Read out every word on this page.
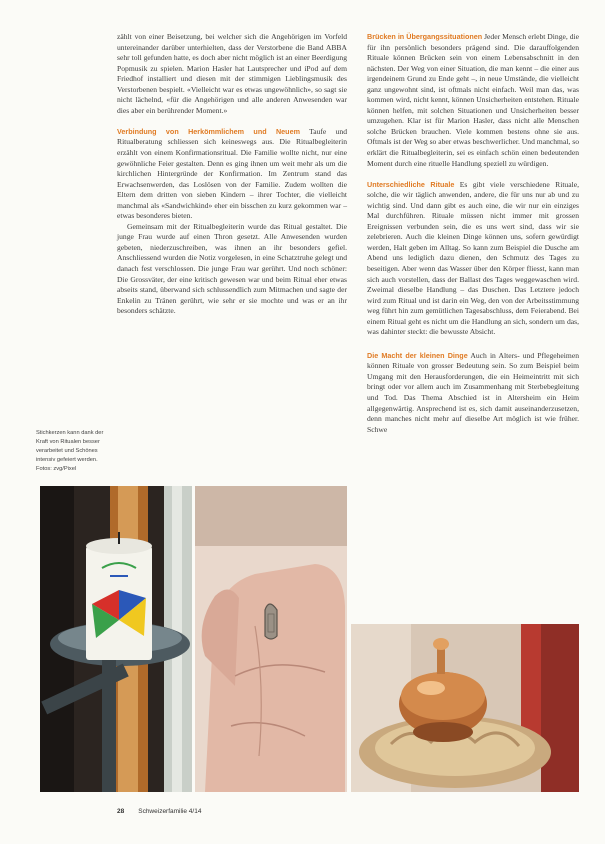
zählt von einer Beisetzung, bei welcher sich die Angehörigen im Vorfeld untereinander darüber unterhielten, dass der Verstorbene die Band ABBA sehr toll gefunden hatte, es doch aber nicht möglich ist an einer Beerdigung Popmusik zu spielen. Marion Hasler hat Lautsprecher und iPod auf dem Friedhof installiert und diesen mit der stimmigen Lieblingsmusik des Verstorbenen bespielt. «Vielleicht war es etwas ungewöhnlich», so sagt sie nicht lächelnd, «für die Angehörigen und alle anderen Anwesenden war dies aber ein berührender Moment.»

Verbindung von Herkömmlichem und Neuem Taufe und Ritualberatung schliessen sich keineswegs aus. Die Ritualbegleiterin erzählt von einem Konfirmationsritual. Die Familie wollte nicht, nur eine gewöhnliche Feier gestalten. Denn es ging ihnen um weit mehr als um die kirchlichen Hintergründe der Konfirmation. Im Zentrum stand das Erwachsenwerden, das Loslösen von der Familie. Zudem wollten die Eltern dem dritten von sieben Kindern – ihrer Tochter, die vielleicht manchmal als «Sandwichkind» eher ein bisschen zu kurz gekommen war – etwas besonderes bieten.

Gemeinsam mit der Ritualbegleiterin wurde das Ritual gestaltet. Die junge Frau wurde auf einen Thron gesetzt. Alle Anwesenden wurden gebeten, niederzuschreiben, was ihnen an ihr besonders gefiel. Anschliessend wurden die Notiz vorgelesen, in eine Schatztruhe gelegt und danach fest verschlossen. Die junge Frau war gerührt. Und noch schöner: Die Grossväter, der eine kritisch gewesen war und beim Ritual eher etwas abseits stand, überwand sich schlussendlich zum Mitmachen und sagte der Enkelin zu Tränen gerührt, wie sehr er sie mochte und was er an ihr besonders schätzte.

Brücken in Übergangssituationen Jeder Mensch erlebt Dinge, die für ihn persönlich besonders prägend sind. Die darauffolgenden Rituale können Brücken sein von einem Lebensabschnitt in den nächsten. Der Weg von einer Situation, die man kennt – die einer aus irgendeinem Grund zu Ende geht –, in neue Umstände, die vielleicht ganz ungewohnt sind, ist oftmals nicht einfach. Weil man das, was kommen wird, nicht kennt, können Unsicherheiten entstehen. Rituale können helfen, mit solchen Situationen und Unsicherheiten besser umzugehen. Klar ist für Marion Hasler, dass nicht alle Menschen solche Brücken brauchen. Viele kommen bestens ohne sie aus. Oftmals ist der Weg so aber etwas beschwerlicher. Und manchmal, so erklärt die Ritualbegleiterin, sei es einfach schön einen bedeutenden Moment durch eine rituelle Handlung speziell zu würdigen.

Unterschiedliche Rituale Es gibt viele verschiedene Rituale, solche, die wir täglich anwenden, andere, die für uns nur ab und zu wichtig sind. Und dann gibt es auch eine, die wir nur ein einziges Mal durchführen. Rituale müssen nicht immer mit grossen Ereignissen verbunden sein, die es uns wert sind, dass wir sie zelebrieren. Auch die kleinen Dinge können uns, sofern gewürdigt werden, Halt geben im Alltag. So kann zum Beispiel die Dusche am Abend uns lediglich dazu dienen, den Schmutz des Tages zu beseitigen. Aber wenn das Wasser über den Körper fliesst, kann man sich auch vorstellen, dass der Ballast des Tages weggewaschen wird. Zweimal dieselbe Handlung – das Duschen. Das Letztere jedoch wird zum Ritual und ist darin ein Weg, den von der Arbeitsstimmung weg führt hin zum gemütlichen Tagesabschluss, dem Feierabend. Bei einem Ritual geht es nicht um die Handlung an sich, sondern um das, was dahinter steckt: die bewusste Absicht.

Die Macht der kleinen Dinge Auch in Alters- und Pflegeheimen können Rituale von grosser Bedeutung sein. So zum Beispiel beim Umgang mit den Herausforderungen, die ein Heimeintritt mit sich bringt oder vor allem auch im Zusammenhang mit Sterbebegleitung und Tod. Das Thema Abschied ist in Altersheim ein Heim allgegenwärtig. Ansprechend ist es, sich damit auseinanderzusetzen, denn manches nicht mehr auf dieselbe Art möglich ist wie früher. Schwe

Stichkerzen kann dank der Kraft von Ritualen besser verarbeitet und Schönes intensiv gefeiert werden.
Fotos: zvg/Pixel
28 Schweizerfamilie 4/14
